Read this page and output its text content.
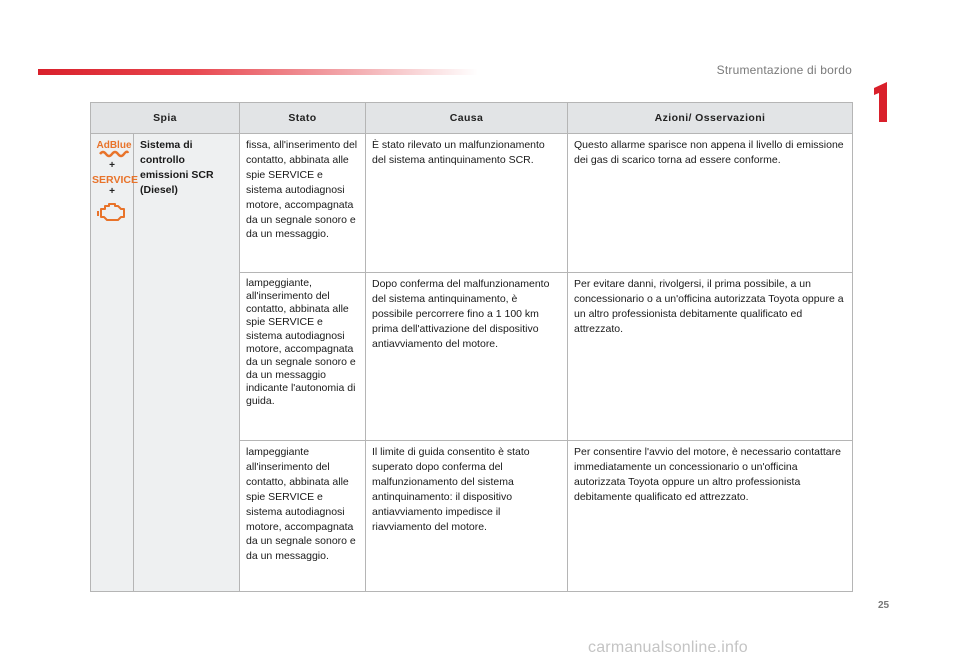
Strumentazione di bordo
Spia		Stato	Causa	Azioni/ Osservazioni

AdBlue
+
SERVICE
+	Sistema di controllo emissioni SCR (Diesel)	fissa, all'inserimento del contatto, abbinata alle spie SERVICE e sistema autodiagnosi motore, accompagnata da un segnale sonoro e da un messaggio.	È stato rilevato un malfunzionamento del sistema antinquinamento SCR.	Questo allarme sparisce non appena il livello di emissione dei gas di scarico torna ad essere conforme.
		lampeggiante, all'inserimento del contatto, abbinata alle spie SERVICE e sistema autodiagnosi motore, accompagnata da un segnale sonoro e da un messaggio indicante l'autonomia di guida.	Dopo conferma del malfunzionamento del sistema antinquinamento, è possibile percorrere fino a 1 100 km prima dell'attivazione del dispositivo antiavviamento del motore.	Per evitare danni, rivolgersi, il prima possibile, a un concessionario o a un'officina autorizzata Toyota oppure a un altro professionista debitamente qualificato ed attrezzato.
		lampeggiante all'inserimento del contatto, abbinata alle spie SERVICE e sistema autodiagnosi motore, accompagnata da un segnale sonoro e da un messaggio.	Il limite di guida consentito è stato superato dopo conferma del malfunzionamento del sistema antinquinamento: il dispositivo antiavviamento impedisce il riavviamento del motore.	Per consentire l'avvio del motore, è necessario contattare immediatamente un concessionario o un'officina autorizzata Toyota oppure un altro professionista debitamente qualificato ed attrezzato.
25
carmanualsonline.info
